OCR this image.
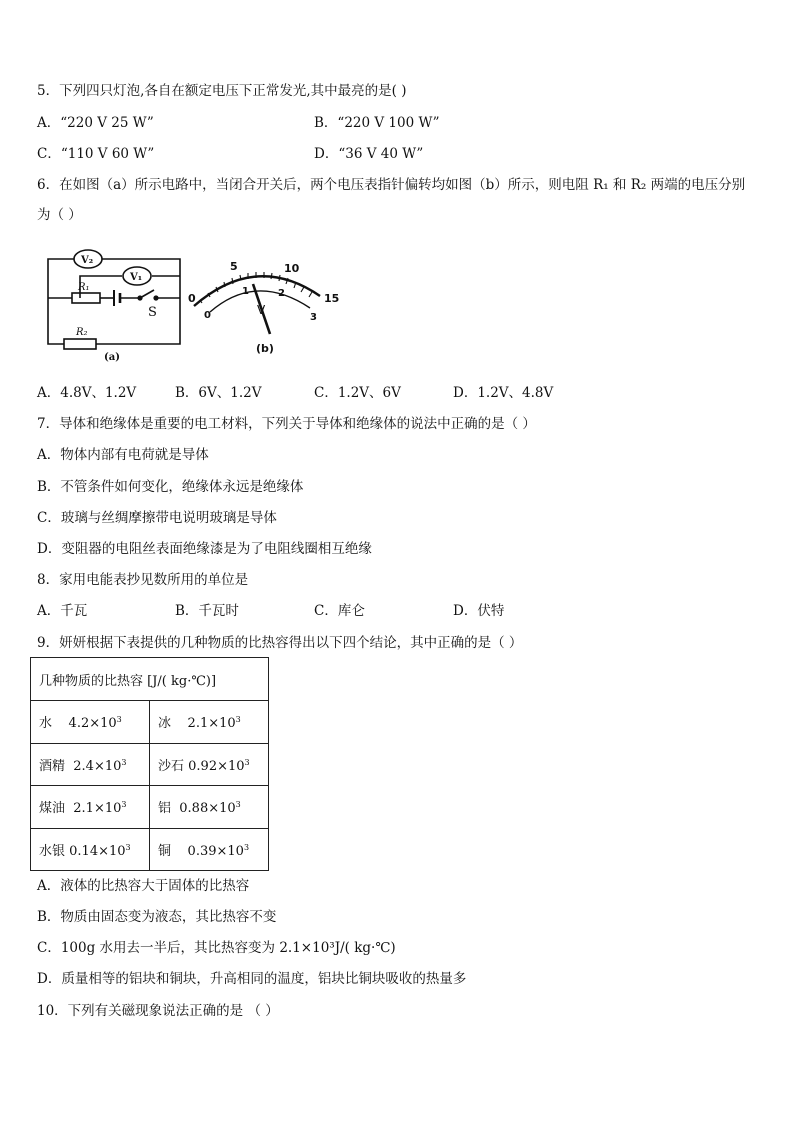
5．下列四只灯泡,各自在额定电压下正常发光,其中最亮的是( )
A．“220 V 25 W”	B．“220 V 100 W”
C．“110 V 60 W”	D．“36 V 40 W”
6．在如图（a）所示电路中，当闭合开关后，两个电压表指针偏转均如图（b）所示，则电阻 R₁ 和 R₂ 两端的电压分别
为（ ）
V₂
V₁
R₁
S
R₂
(a)
0
5	10
15
0
1	2
3
V
(b)
A．4.8V、1.2V	B．6V、1.2V	C．1.2V、6V	D．1.2V、4.8V
7．导体和绝缘体是重要的电工材料，下列关于导体和绝缘体的说法中正确的是（ ）
A．物体内部有电荷就是导体
B．不管条件如何变化，绝缘体永远是绝缘体
C．玻璃与丝绸摩擦带电说明玻璃是导体
D．变阻器的电阻丝表面绝缘漆是为了电阻线圈相互绝缘
8．家用电能表抄见数所用的单位是
A．千瓦	B．千瓦时	C．库仑	D．伏特
9．妍妍根据下表提供的几种物质的比热容得出以下四个结论，其中正确的是（ ）
几种物质的比热容 [J/( kg·℃)]	
水 $4.2\times 10^3$	冰 $2.1\times 10^3$
酒精 $2.4\times 10^3$	沙石 $0.92\times 10^3$
煤油 $2.1\times 10^3$	铝 $0.88\times 10^3$
水银 $0.14\times 10^3$	铜 $0.39\times 10^3$
A．液体的比热容大于固体的比热容
B．物质由固态变为液态，其比热容不变
C．100g 水用去一半后，其比热容变为 2.1×10³J/( kg·℃)
D．质量相等的铝块和铜块，升高相同的温度，铝块比铜块吸收的热量多
10．下列有关磁现象说法正确的是 （ ）
